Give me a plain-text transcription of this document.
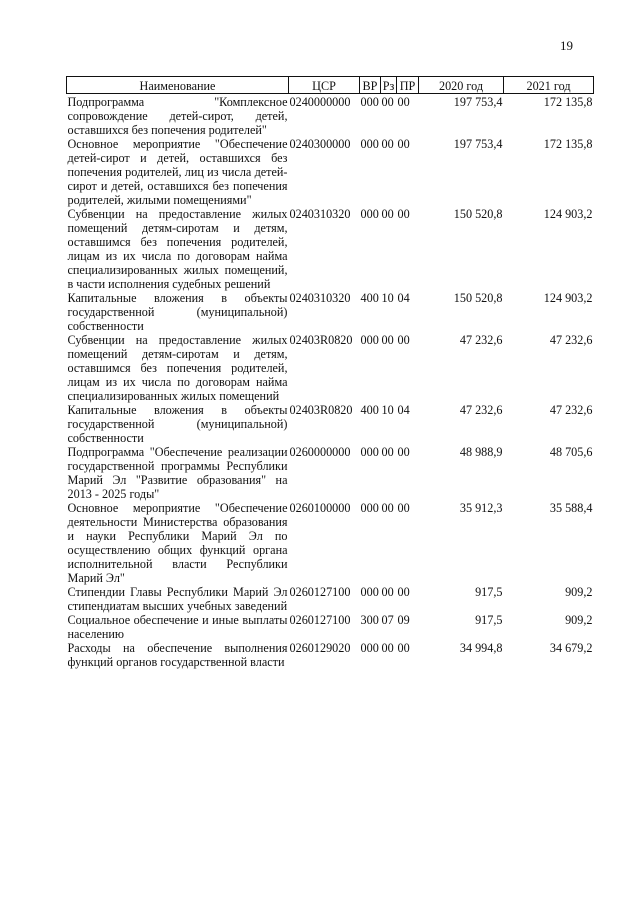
19
Наименование	ЦСР	ВР	Рз	ПР	2020 год	2021 год

Подпрограмма "Комплексное сопровождение детей-сирот, детей, оставшихся без попечения родителей"	0240000000	000	00	00	197 753,4	172 135,8
Основное мероприятие "Обеспечение детей-сирот и детей, оставшихся без попечения родителей, лиц из числа детей-сирот и детей, оставшихся без попечения родителей, жилыми помещениями"	0240300000	000	00	00	197 753,4	172 135,8
Субвенции на предоставление жилых помещений детям-сиротам и детям, оставшимся без попечения родителей, лицам из их числа по договорам найма специализированных жилых помещений, в части исполнения судебных решений	0240310320	000	00	00	150 520,8	124 903,2
Капитальные вложения в объекты государственной (муниципальной) собственности	0240310320	400	10	04	150 520,8	124 903,2
Субвенции на предоставление жилых помещений детям-сиротам и детям, оставшимся без попечения родителей, лицам из их числа по договорам найма специализированных жилых помещений	02403R0820	000	00	00	47 232,6	47 232,6
Капитальные вложения в объекты государственной (муниципальной) собственности	02403R0820	400	10	04	47 232,6	47 232,6
Подпрограмма "Обеспечение реализации государственной программы Республики Марий Эл "Развитие образования" на 2013 - 2025 годы"	0260000000	000	00	00	48 988,9	48 705,6
Основное мероприятие "Обеспечение деятельности Министерства образования и науки Республики Марий Эл по осуществлению общих функций органа исполнительной власти Республики Марий Эл"	0260100000	000	00	00	35 912,3	35 588,4
Стипендии Главы Республики Марий Эл стипендиатам высших учебных заведений	0260127100	000	00	00	917,5	909,2
Социальное обеспечение и иные выплаты населению	0260127100	300	07	09	917,5	909,2
Расходы на обеспечение выполнения функций органов государственной власти	0260129020	000	00	00	34 994,8	34 679,2
